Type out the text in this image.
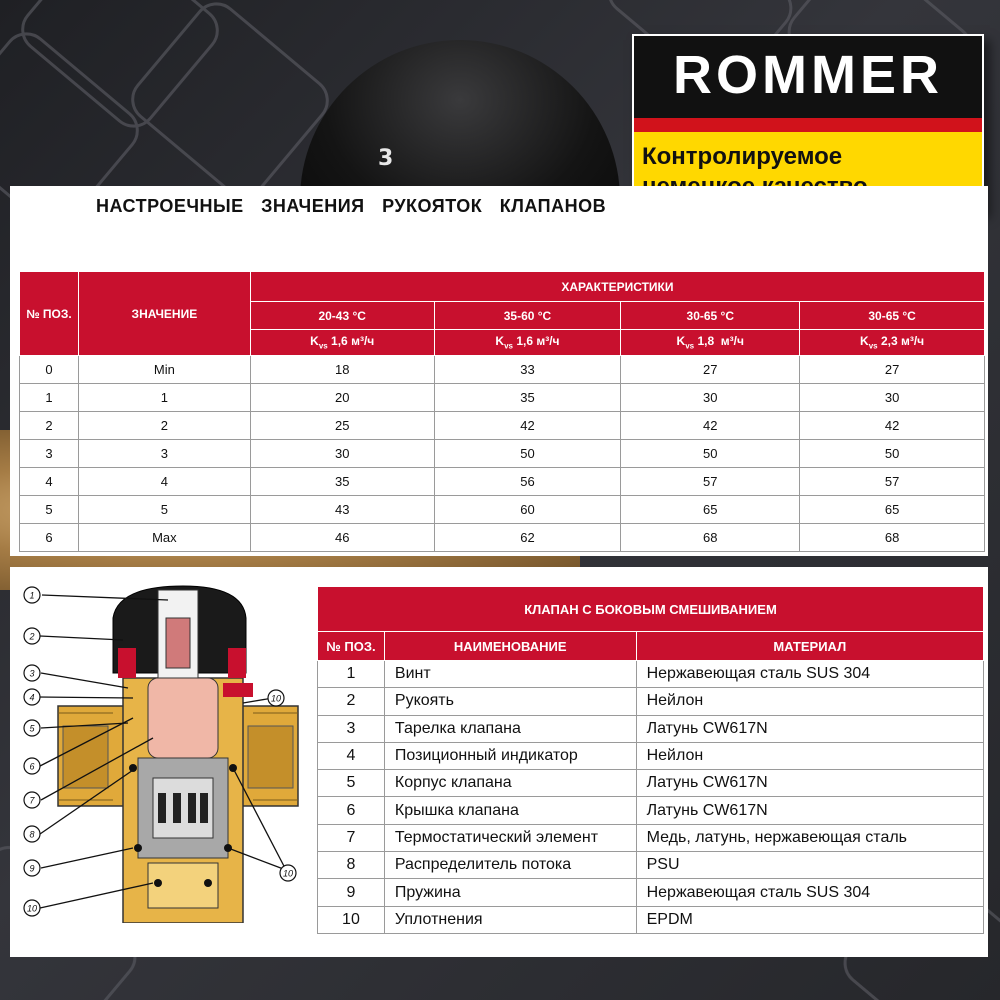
3
ROMMER
Контролируемое
НАСТРОЕЧНЫЕ ЗНАЧЕНИЯ РУКОЯТОК КЛАПАНОВ
№ ПОЗ.	ЗНАЧЕНИЕ	ХАРАКТЕРИСТИКИ			
		20-43 °С	35-60 °С	30-65 °С	30-65 °С
		$K_{vs}$ 1,6 м³/ч	$K_{vs}$ 1,6 м³/ч	$K_{vs}$ 1,8  м³/ч	$K_{vs}$ 2,3 м³/ч
0	Min	18	33	27	27
1	1	20	35	30	30
2	2	25	42	42	42
3	3	30	50	50	50
4	4	35	56	57	57
5	5	43	60	65	65
6	Max	46	62	68	68
1
2
3
4
5
6
7
8
9
10
10
10
КЛАПАН С БОКОВЫМ СМЕШИВАНИЕМ		
№ ПОЗ.	НАИМЕНОВАНИЕ	МАТЕРИАЛ
1	Винт	Нержавеющая сталь SUS 304
2	Рукоять	Нейлон
3	Тарелка клапана	Латунь CW617N
4	Позиционный индикатор	Нейлон
5	Корпус клапана	Латунь CW617N
6	Крышка клапана	Латунь CW617N
7	Термостатический элемент	Медь, латунь, нержавеющая сталь
8	Распределитель потока	PSU
9	Пружина	Нержавеющая сталь SUS 304
10	Уплотнения	EPDM
